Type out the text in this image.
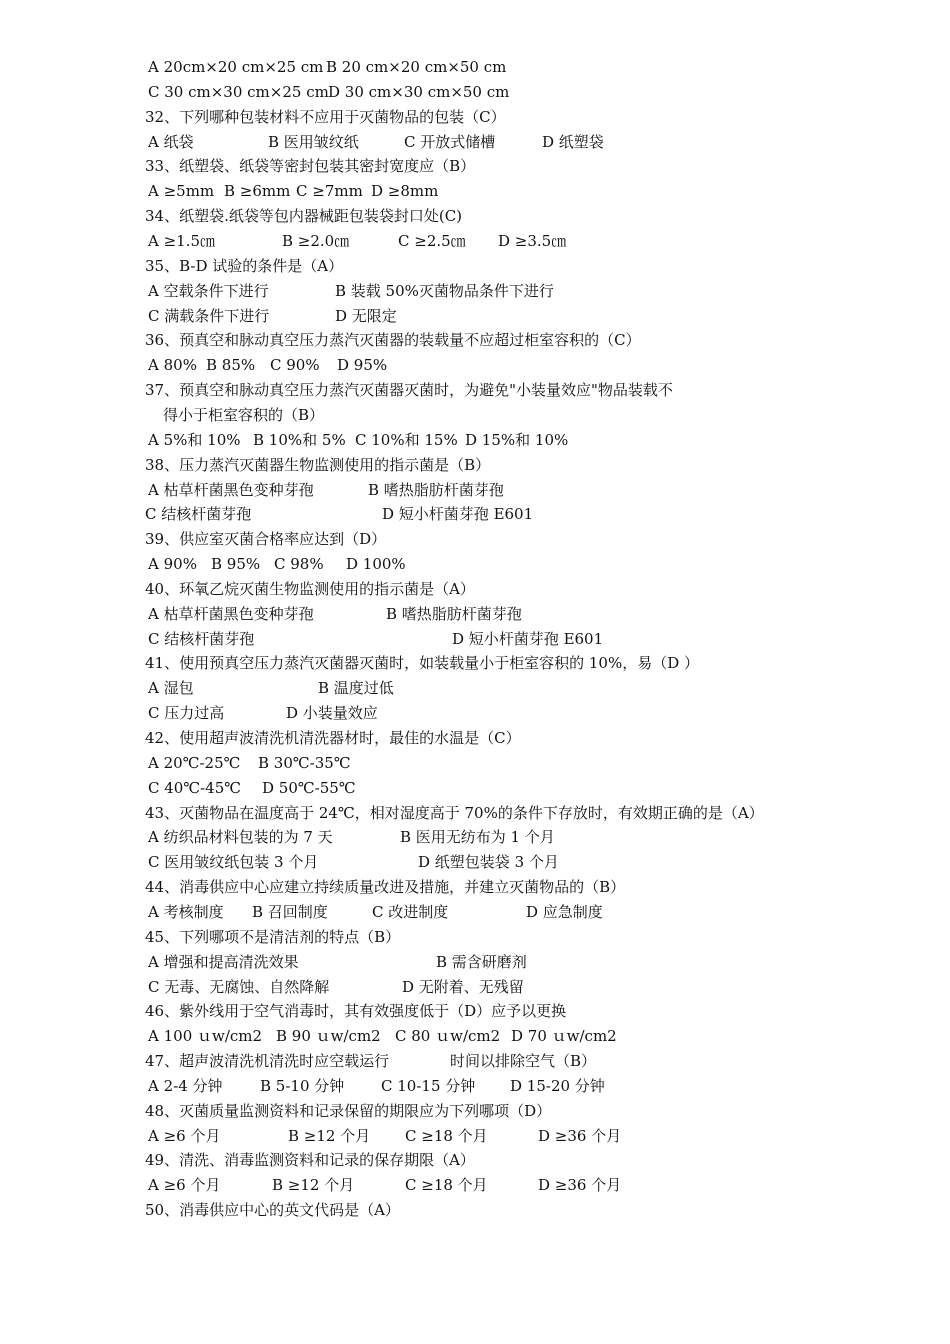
A 20cm×20 cm×25 cm B 20 cm×20 cm×50 cm
C 30 cm×30 cm×25 cm D 30 cm×30 cm×50 cm
32、下列哪种包装材料不应用于灭菌物品的包装（C）
A 纸袋	B 医用皱纹纸	C 开放式储槽	D 纸塑袋
33、纸塑袋、纸袋等密封包装其密封宽度应（B）
A ≥5mm B ≥6mm C ≥7mm D ≥8mm
34、纸塑袋.纸袋等包内器械距包装袋封口处(C)
A ≥1.5㎝	B ≥2.0㎝	C ≥2.5㎝ D ≥3.5㎝
35、B-D 试验的条件是（A）
A 空载条件下进行	B 装载 50%灭菌物品条件下进行
C 满载条件下进行	D 无限定
36、预真空和脉动真空压力蒸汽灭菌器的装载量不应超过柜室容积的（C）
A 80% B 85% C 90% D 95%
37、预真空和脉动真空压力蒸汽灭菌器灭菌时，为避免"小装量效应"物品装载不
得小于柜室容积的（B）
A 5%和 10% B 10%和 5% C 10%和 15% D 15%和 10%
38、压力蒸汽灭菌器生物监测使用的指示菌是（B）
A 枯草杆菌黑色变种芽孢	B 嗜热脂肪杆菌芽孢
C 结核杆菌芽孢	D 短小杆菌芽孢 E601
39、供应室灭菌合格率应达到（D）
A 90% B 95% C 98% D 100%
40、环氧乙烷灭菌生物监测使用的指示菌是（A）
A 枯草杆菌黑色变种芽孢	B 嗜热脂肪杆菌芽孢
C 结核杆菌芽孢	D 短小杆菌芽孢 E601
41、使用预真空压力蒸汽灭菌器灭菌时，如装载量小于柜室容积的 10%，易（D ）
A 湿包	B 温度过低
C 压力过高	D 小装量效应
42、使用超声波清洗机清洗器材时，最佳的水温是（C）
A 20℃-25℃ B 30℃-35℃
C 40℃-45℃ D 50℃-55℃
43、灭菌物品在温度高于 24℃，相对湿度高于 70%的条件下存放时，有效期正确的是（A）
A 纺织品材料包装的为 7 天	B 医用无纺布为 1 个月
C 医用皱纹纸包装 3 个月	D 纸塑包装袋 3 个月
44、消毒供应中心应建立持续质量改进及措施，并建立灭菌物品的（B）
A 考核制度 B 召回制度	C 改进制度	D 应急制度
45、下列哪项不是清洁剂的特点（B）
A 增强和提高清洗效果	B 需含研磨剂
C 无毒、无腐蚀、自然降解	D 无附着、无残留
46、紫外线用于空气消毒时，其有效强度低于（D）应予以更换
A 100 ｕw/cm2 B 90 ｕw/cm2 C 80 ｕw/cm2 D 70 ｕw/cm2
47、超声波清洗机清洗时应空载运行	时间以排除空气（B）
A 2-4 分钟 B 5-10 分钟 C 10-15 分钟 D 15-20 分钟
48、灭菌质量监测资料和记录保留的期限应为下列哪项（D）
A ≥6 个月	B ≥12 个月 C ≥18 个月	D ≥36 个月
49、清洗、消毒监测资料和记录的保存期限（A）
A ≥6 个月	B ≥12 个月	C ≥18 个月	D ≥36 个月
50、消毒供应中心的英文代码是（A）
